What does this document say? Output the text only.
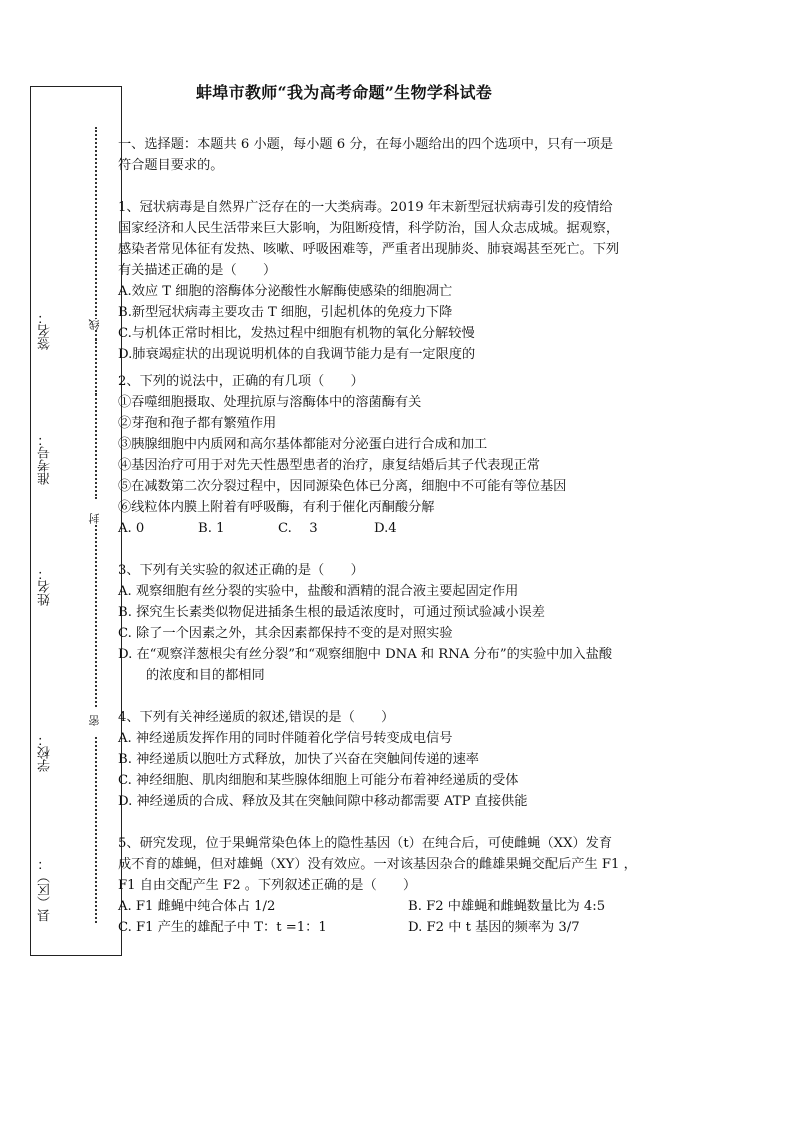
线
封
密
县（区）：
学校：
姓名：
准考号：
签名：
蚌埠市教师“我为高考命题”生物学科试卷

一、选择题：本题共 6 小题，每小题 6 分，在每小题给出的四个选项中，只有一项是

符合题目要求的。

1、冠状病毒是自然界广泛存在的一大类病毒。2019 年末新型冠状病毒引发的疫情给

国家经济和人民生活带来巨大影响，为阻断疫情，科学防治，国人众志成城。据观察，

感染者常见体征有发热、咳嗽、呼吸困难等，严重者出现肺炎、肺衰竭甚至死亡。下列

有关描述正确的是（　　）

A.效应 T 细胞的溶酶体分泌酸性水解酶使感染的细胞凋亡

B.新型冠状病毒主要攻击 T 细胞，引起机体的免疫力下降

C.与机体正常时相比，发热过程中细胞有机物的氧化分解较慢

D.肺衰竭症状的出现说明机体的自我调节能力是有一定限度的

2、下列的说法中，正确的有几项（　　）

①吞噬细胞摄取、处理抗原与溶酶体中的溶菌酶有关

②芽孢和孢子都有繁殖作用

③胰腺细胞中内质网和高尔基体都能对分泌蛋白进行合成和加工

④基因治疗可用于对先天性愚型患者的治疗，康复结婚后其子代表现正常

⑤在减数第二次分裂过程中，因同源染色体已分离，细胞中不可能有等位基因

⑥线粒体内膜上附着有呼吸酶，有利于催化丙酮酸分解

A. 0	B. 1	C.　 3	D.4

3、下列有关实验的叙述正确的是（　　）

A. 观察细胞有丝分裂的实验中，盐酸和酒精的混合液主要起固定作用

B. 探究生长素类似物促进插条生根的最适浓度时，可通过预试验减小误差

C. 除了一个因素之外，其余因素都保持不变的是对照实验

D. 在“观察洋葱根尖有丝分裂”和“观察细胞中 DNA 和 RNA 分布”的实验中加入盐酸

的浓度和目的都相同

4、下列有关神经递质的叙述,错误的是（　　）

A. 神经递质发挥作用的同时伴随着化学信号转变成电信号

B. 神经递质以胞吐方式释放，加快了兴奋在突触间传递的速率

C. 神经细胞、肌肉细胞和某些腺体细胞上可能分布着神经递质的受体

D. 神经递质的合成、释放及其在突触间隙中移动都需要 ATP 直接供能

5、研究发现，位于果蝇常染色体上的隐性基因（t）在纯合后，可使雌蝇（XX）发育

成不育的雄蝇，但对雄蝇（XY）没有效应。一对该基因杂合的雌雄果蝇交配后产生 F1 ，

F1 自由交配产生 F2 。下列叙述正确的是（　　）

A. F1 雌蝇中纯合体占 1/2	B. F2 中雄蝇和雌蝇数量比为 4:5
C. F1 产生的雄配子中 T：t =1：1	D. F2 中 t 基因的频率为 3/7
